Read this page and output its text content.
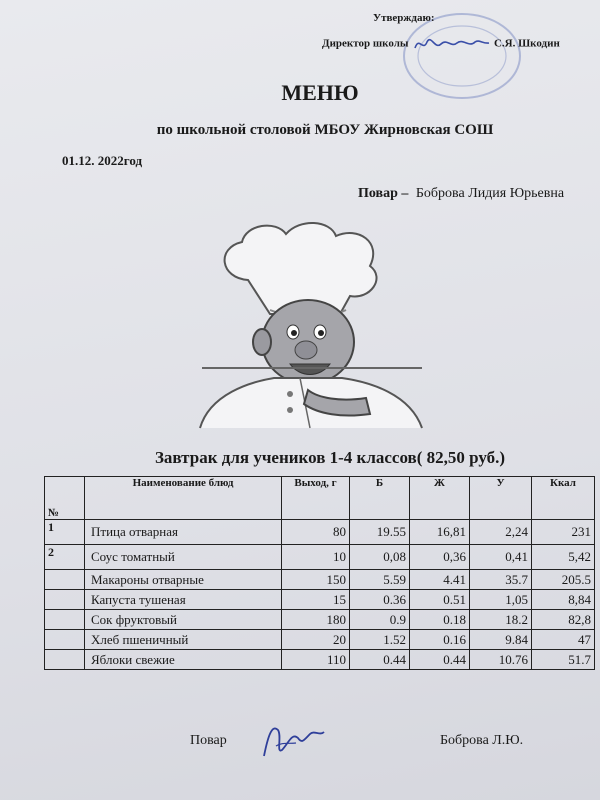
Утверждаю:
Директор школы	С.Я. Шкодин
МЕНЮ
по школьной столовой МБОУ Жирновская СОШ
01.12. 2022год
Повар – Боброва Лидия Юрьевна
Завтрак для учеников 1-4 классов( 82,50 руб.)
№	Наименование блюд	Выход, г	Б	Ж	У	Ккал
1	Птица отварная	80	19.55	16,81	2,24	231
2	Соус томатный	10	0,08	0,36	0,41	5,42
	Макароны отварные	150	5.59	4.41	35.7	205.5
	Капуста тушеная	15	0.36	0.51	1,05	8,84
	Сок фруктовый	180	0.9	0.18	18.2	82,8
	Хлеб пшеничный	20	1.52	0.16	9.84	47
	Яблоки свежие	110	0.44	0.44	10.76	51.7
Повар	Боброва Л.Ю.
